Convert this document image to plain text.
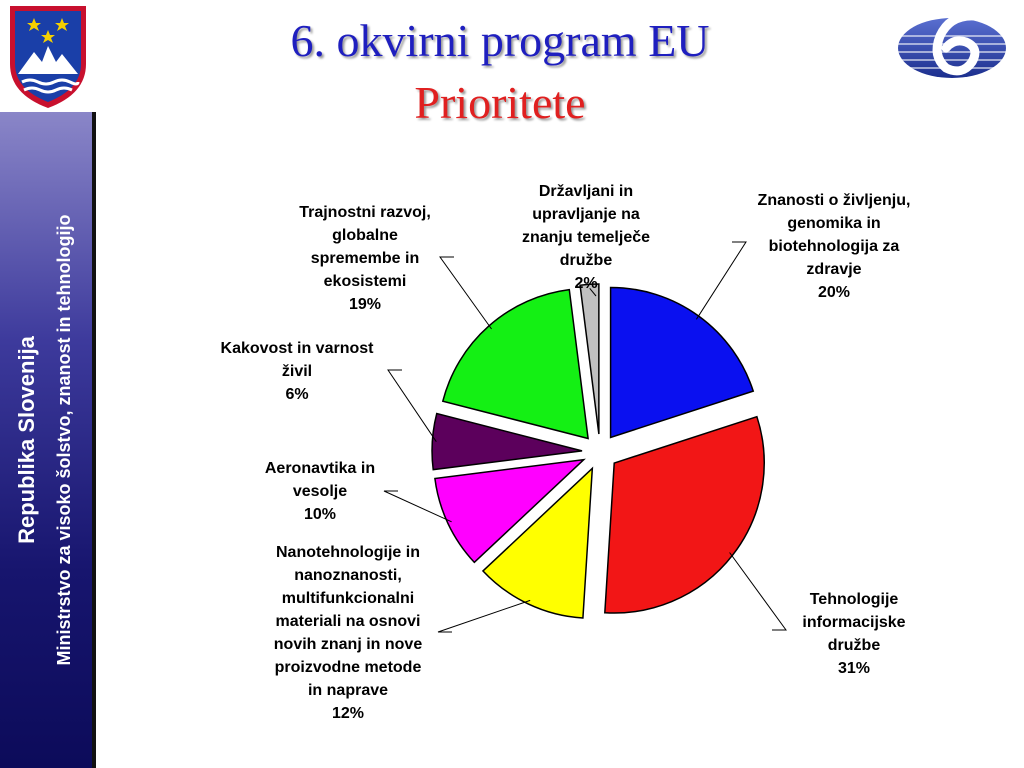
Republika Slovenija Ministrstvo za visoko šolstvo, znanost in tehnologijo
6. okvirni program EU
Prioritete
Znanosti o življenju,
genomika in
biotehnologija za
zdravje
20%
Tehnologije
informacijske
družbe
31%
Nanotehnologije in
nanoznanosti,
multifunkcionalni
materiali na osnovi
novih znanj in nove
proizvodne metode
in naprave
12%
Aeronavtika in
vesolje
10%
Kakovost in varnost
živil
6%
Trajnostni razvoj,
globalne
spremembe in
ekosistemi
19%
Državljani in
upravljanje na
znanju temelječe
družbe
2%
